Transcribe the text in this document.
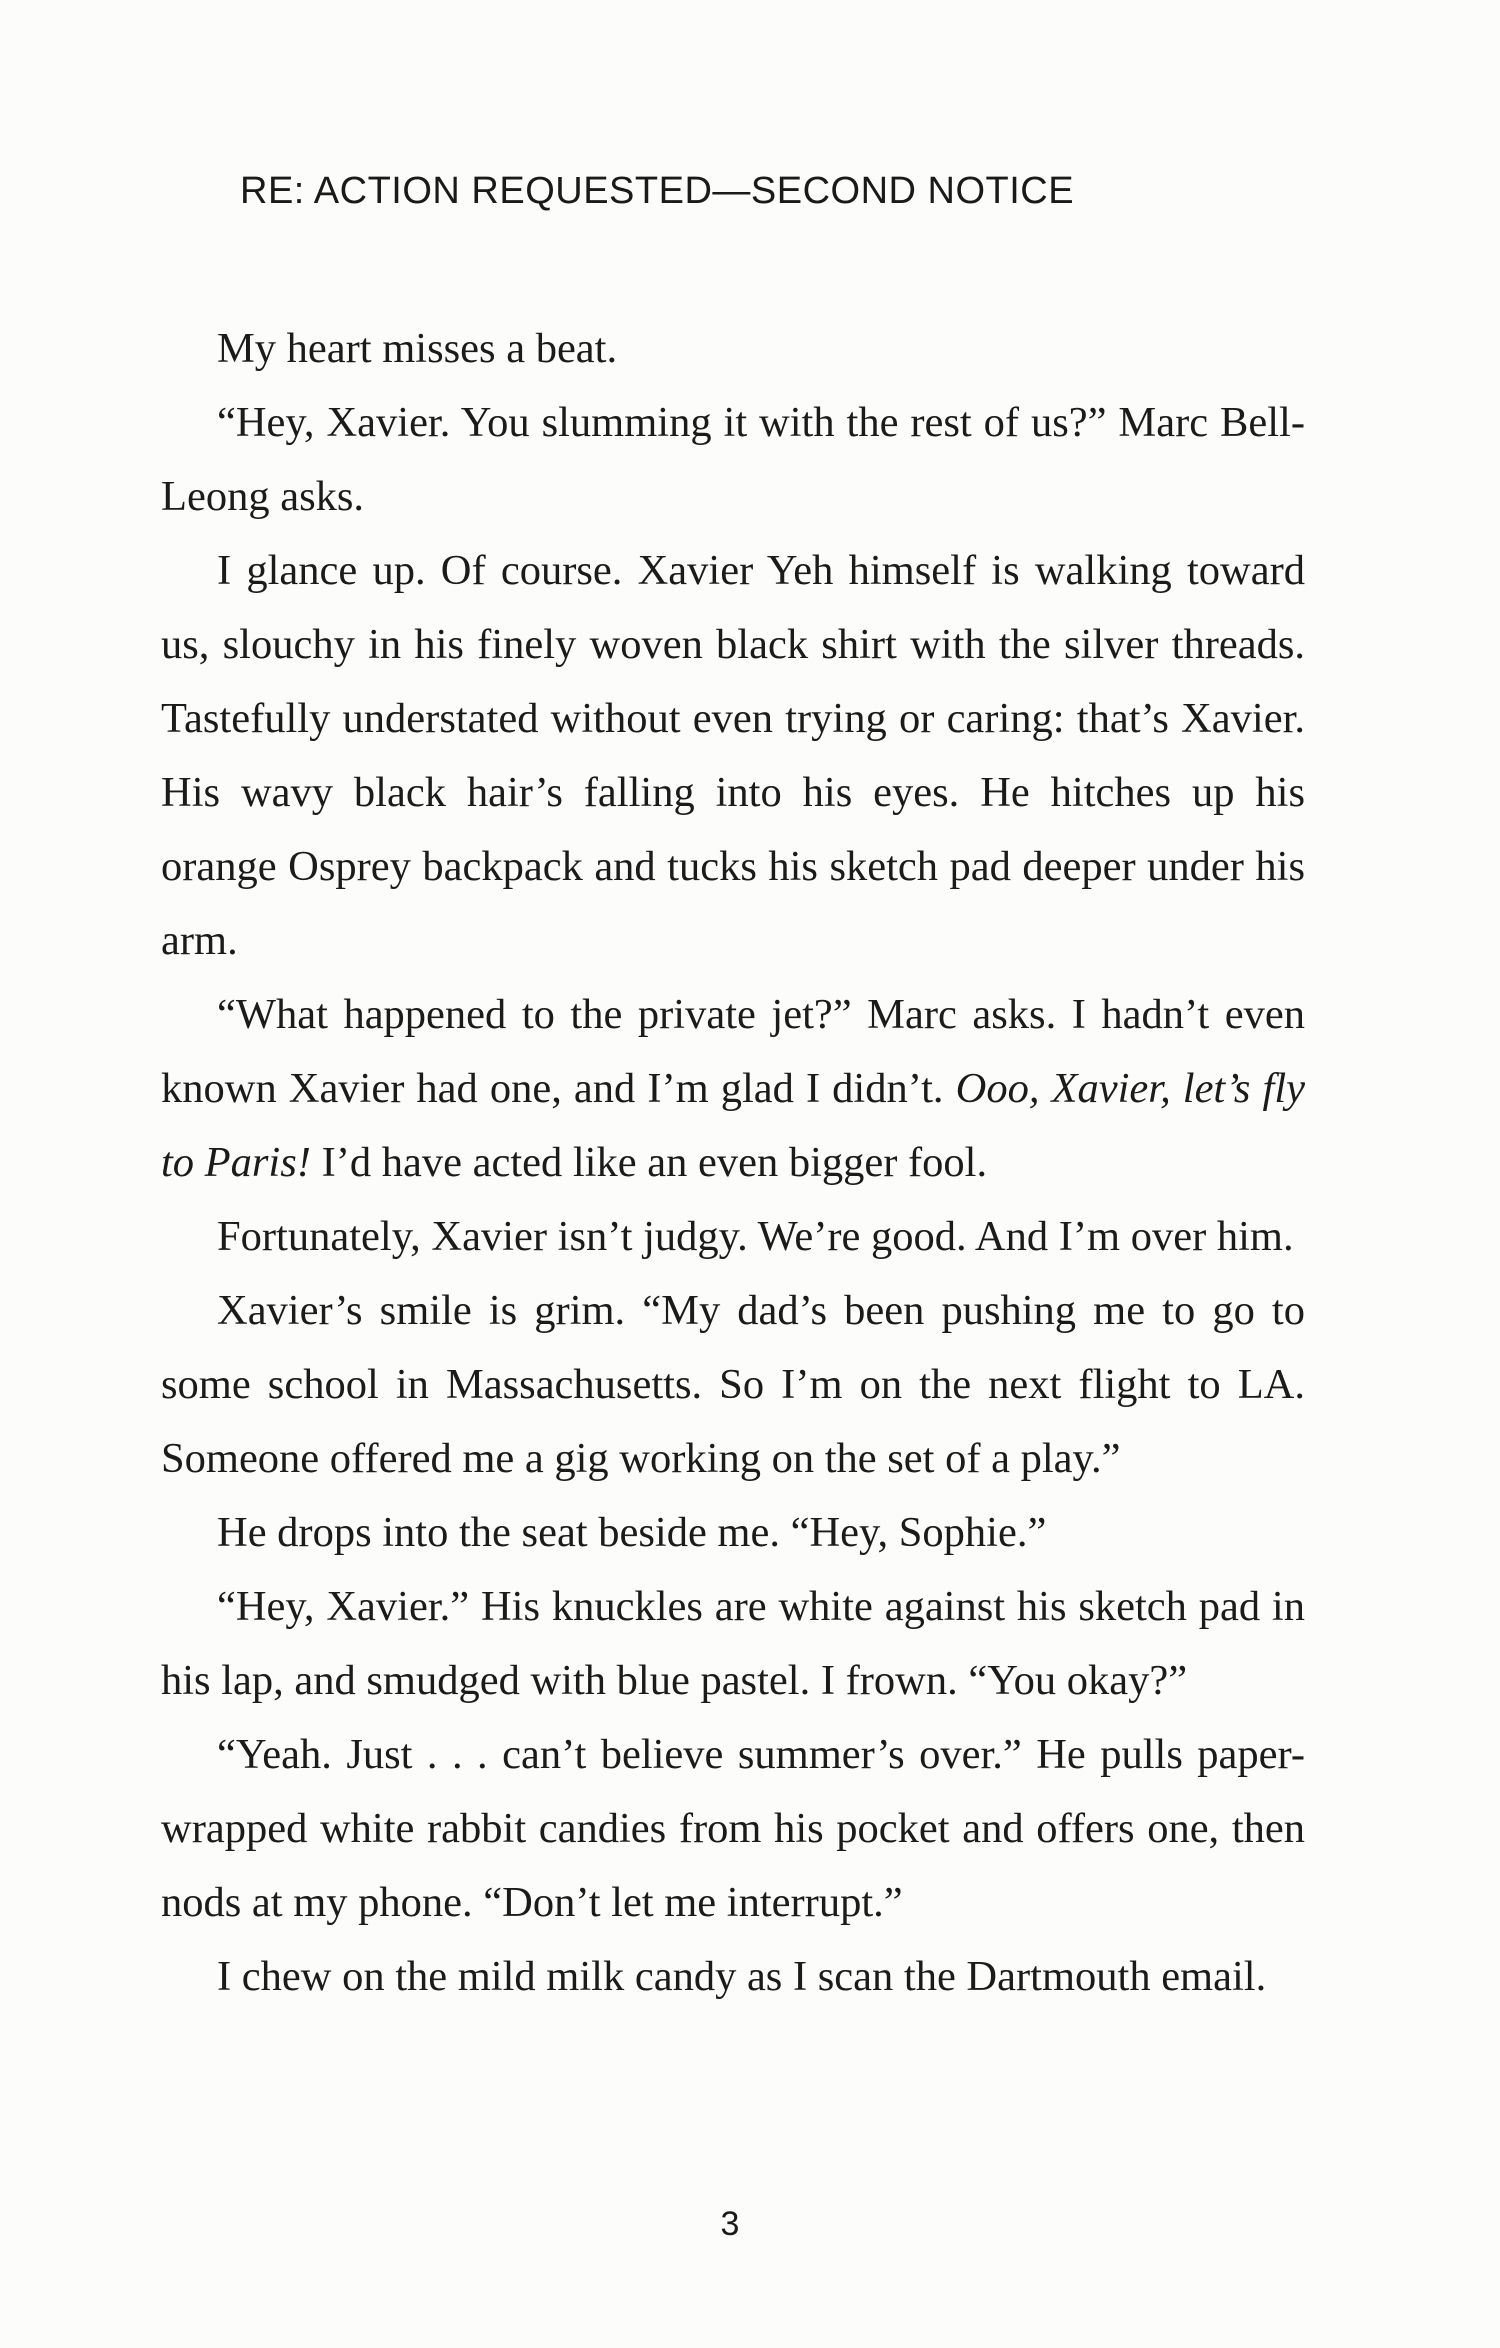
RE: ACTION REQUESTED—SECOND NOTICE

My heart misses a beat.

“Hey, Xavier. You slumming it with the rest of us?” Marc Bell-Leong asks.

I glance up. Of course. Xavier Yeh himself is walking toward us, slouchy in his finely woven black shirt with the silver threads. Tastefully understated without even trying or caring: that’s Xavier. His wavy black hair’s falling into his eyes. He hitches up his orange Osprey backpack and tucks his sketch pad deeper under his arm.

“What happened to the private jet?” Marc asks. I hadn’t even known Xavier had one, and I’m glad I didn’t. Ooo, Xavier, let’s fly to Paris! I’d have acted like an even bigger fool.

Fortunately, Xavier isn’t judgy. We’re good. And I’m over him.

Xavier’s smile is grim. “My dad’s been pushing me to go to some school in Massachusetts. So I’m on the next flight to LA. Someone offered me a gig working on the set of a play.”

He drops into the seat beside me. “Hey, Sophie.”

“Hey, Xavier.” His knuckles are white against his sketch pad in his lap, and smudged with blue pastel. I frown. “You okay?”

“Yeah. Just . . . can’t believe summer’s over.” He pulls paper-wrapped white rabbit candies from his pocket and offers one, then nods at my phone. “Don’t let me interrupt.”

I chew on the mild milk candy as I scan the Dartmouth email.

3
